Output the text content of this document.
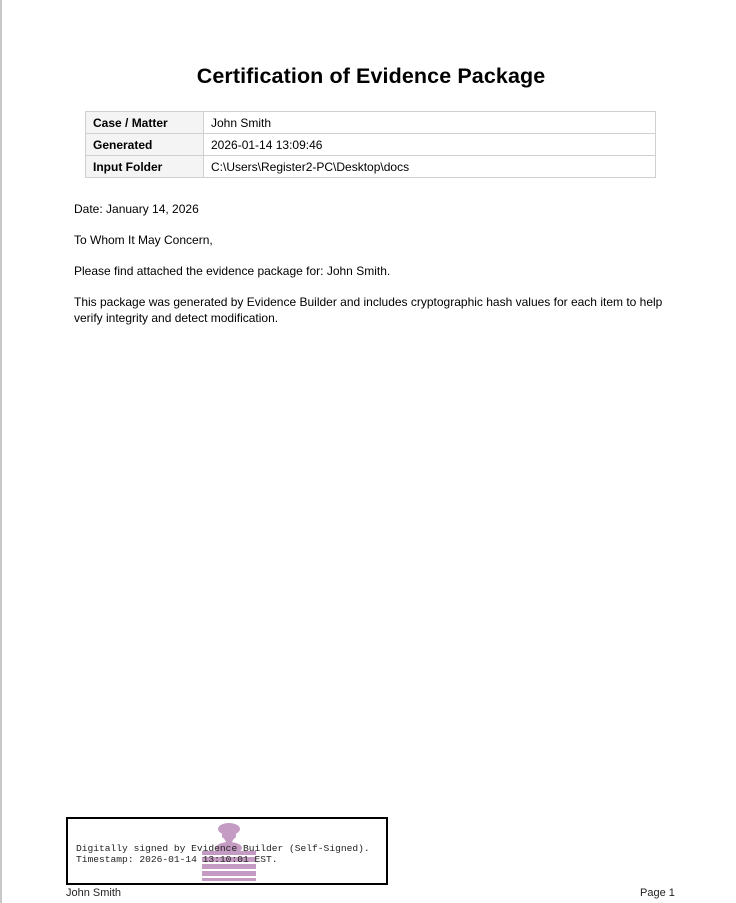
Certification of Evidence Package
Case / Matter	John Smith
Generated	2026-01-14 13:09:46
Input Folder	C:\Users\Register2-PC\Desktop\docs
Date: January 14, 2026
To Whom It May Concern,
Please find attached the evidence package for: John Smith.
This package was generated by Evidence Builder and includes cryptographic hash values for each item to help verify integrity and detect modification.
Digitally signed by Evidence Builder (Self-Signed).
Timestamp: 2026-01-14 13:10:01 EST.
John Smith	Page 1
